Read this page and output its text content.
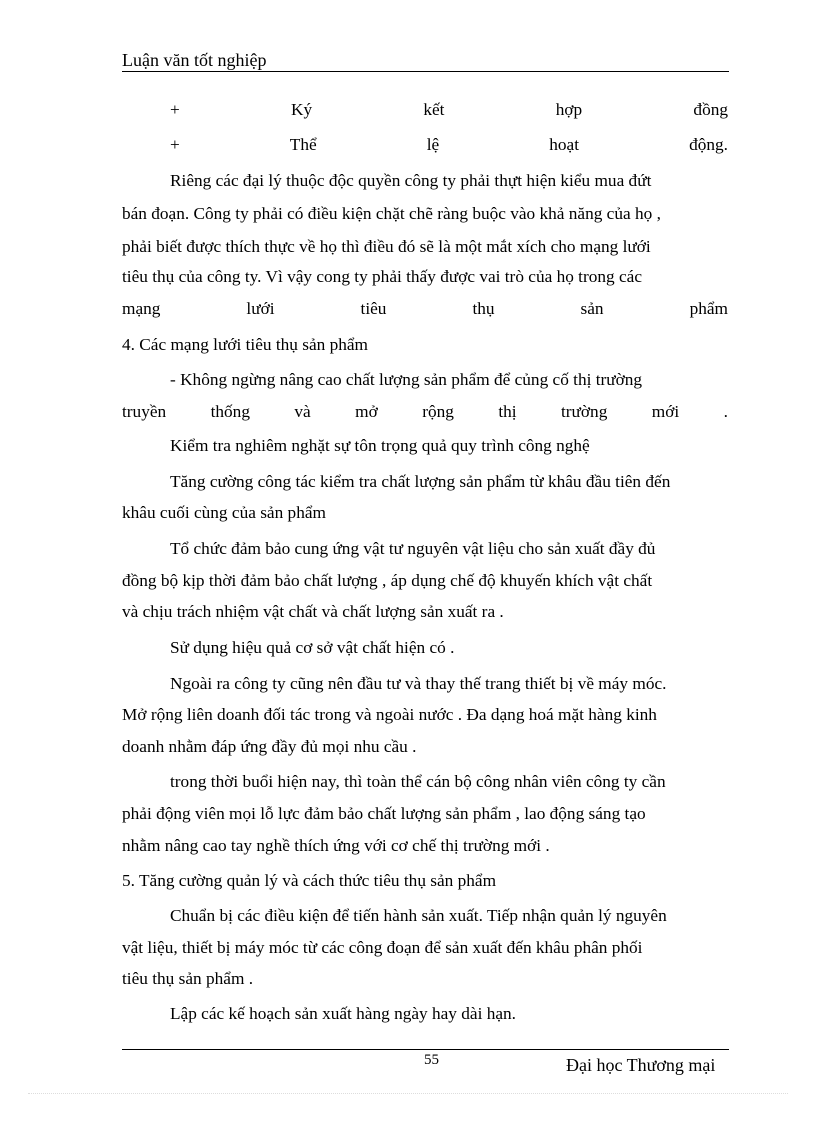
Luận văn tốt nghiệp
+	Ký	kết	hợp	đồng
+	Thể	lệ	hoạt	động.
Riêng các đại lý thuộc độc quyền công ty phải thựt hiện kiểu mua đứt
bán đoạn. Công ty phải có điều kiện chặt chẽ ràng buộc vào khả năng của họ ,
phải biết được thích thực về họ thì điều đó sẽ là một mắt xích cho mạng lưới
tiêu thụ của công ty. Vì vậy cong ty phải thấy được vai trò của họ trong các
mạng	lưới	tiêu	thụ	sản	phẩm
4. Các mạng lưới tiêu thụ sản phẩm
- Không ngừng nâng cao chất lượng sản phẩm để củng cố thị trường
truyền	thống	và	mở	rộng	thị	trường	mới	.
Kiểm tra nghiêm nghặt sự tôn trọng quả quy trình công nghệ
Tăng cường công tác kiểm tra chất lượng sản phẩm từ khâu đầu tiên đến
khâu cuối cùng của sản phẩm
Tổ chức đảm bảo cung ứng vật tư nguyên vật liệu cho sản xuất đầy đủ
đồng bộ kịp thời đảm bảo chất lượng , áp dụng chế độ khuyến khích vật chất
và chịu trách nhiệm vật chất và chất lượng sản xuất ra .
Sử dụng hiệu quả cơ sở vật chất hiện có .
Ngoài ra công ty cũng nên đầu tư và thay thế trang thiết bị về máy móc.
Mở rộng liên doanh đối tác trong và ngoài nước . Đa dạng hoá mặt hàng kinh
doanh nhằm đáp ứng đầy đủ mọi nhu cầu .
trong thời buổi hiện nay, thì toàn thể cán bộ công nhân viên công ty cần
phải động viên mọi lỗ lực đảm bảo chất lượng sản phẩm , lao động sáng tạo
nhằm nâng cao tay nghề thích ứng với cơ chế thị trường mới .
5. Tăng cường quản lý và cách thức tiêu thụ sản phẩm
Chuẩn bị các điều kiện để tiến hành sản xuất. Tiếp nhận quản lý nguyên
vật liệu, thiết bị máy móc từ các công đoạn để sản xuất đến khâu phân phối
tiêu thụ sản phẩm .
Lập các kế hoạch sản xuất hàng ngày hay dài hạn.
55	Đại học Thương mại
